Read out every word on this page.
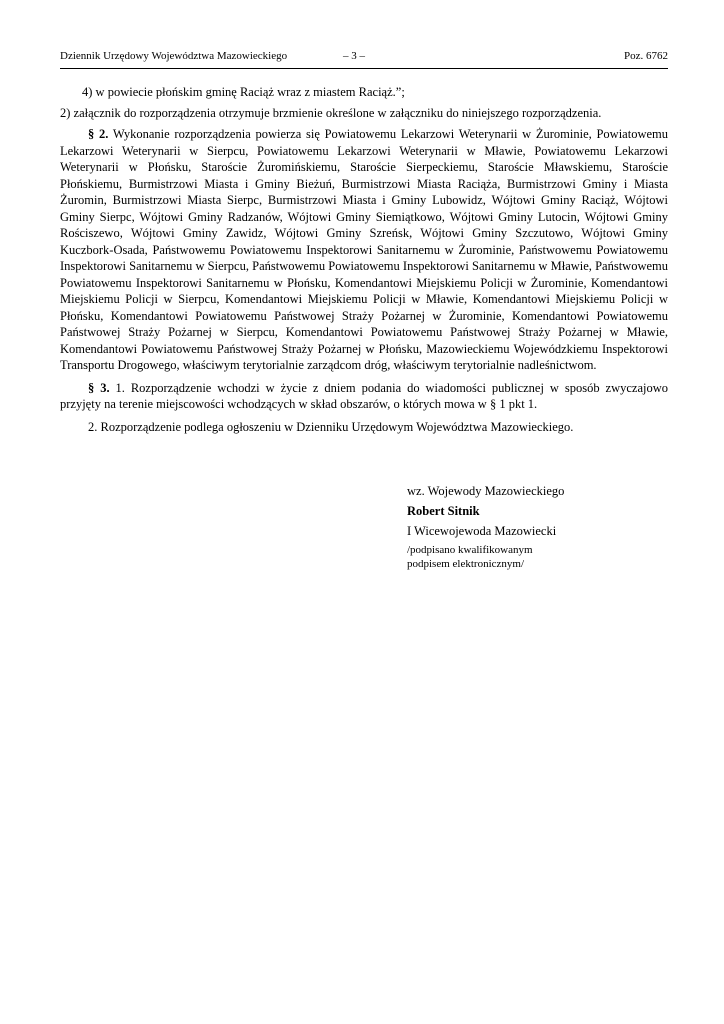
Dziennik Urzędowy Województwa Mazowieckiego	– 3 –	Poz. 6762
4) w powiecie płońskim gminę Raciąż wraz z miastem Raciąż.”;
2) załącznik do rozporządzenia otrzymuje brzmienie określone w załączniku do niniejszego rozporządzenia.

§ 2. Wykonanie rozporządzenia powierza się Powiatowemu Lekarzowi Weterynarii w Żurominie, Powiatowemu Lekarzowi Weterynarii w Sierpcu, Powiatowemu Lekarzowi Weterynarii w Mławie, Powiatowemu Lekarzowi Weterynarii w Płońsku, Staroście Żuromińskiemu, Staroście Sierpeckiemu, Staroście Mławskiemu, Staroście Płońskiemu, Burmistrzowi Miasta i Gminy Bieżuń, Burmistrzowi Miasta Raciąża, Burmistrzowi Gminy i Miasta Żuromin, Burmistrzowi Miasta Sierpc, Burmistrzowi Miasta i Gminy Lubowidz, Wójtowi Gminy Raciąż, Wójtowi Gminy Sierpc, Wójtowi Gminy Radzanów, Wójtowi Gminy Siemiątkowo, Wójtowi Gminy Lutocin, Wójtowi Gminy Rościszewo, Wójtowi Gminy Zawidz, Wójtowi Gminy Szreńsk, Wójtowi Gminy Szczutowo, Wójtowi Gminy Kuczbork-Osada, Państwowemu Powiatowemu Inspektorowi Sanitarnemu w Żurominie, Państwowemu Powiatowemu Inspektorowi Sanitarnemu w Sierpcu, Państwowemu Powiatowemu Inspektorowi Sanitarnemu w Mławie, Państwowemu Powiatowemu Inspektorowi Sanitarnemu w Płońsku, Komendantowi Miejskiemu Policji w Żurominie, Komendantowi Miejskiemu Policji w Sierpcu, Komendantowi Miejskiemu Policji w Mławie, Komendantowi Miejskiemu Policji w Płońsku, Komendantowi Powiatowemu Państwowej Straży Pożarnej w Żurominie, Komendantowi Powiatowemu Państwowej Straży Pożarnej w Sierpcu, Komendantowi Powiatowemu Państwowej Straży Pożarnej w Mławie, Komendantowi Powiatowemu Państwowej Straży Pożarnej w Płońsku, Mazowieckiemu Wojewódzkiemu Inspektorowi Transportu Drogowego, właściwym terytorialnie zarządcom dróg, właściwym terytorialnie nadleśnictwom.

§ 3. 1. Rozporządzenie wchodzi w życie z dniem podania do wiadomości publicznej w sposób zwyczajowo przyjęty na terenie miejscowości wchodzących w skład obszarów, o których mowa w § 1 pkt 1.

2. Rozporządzenie podlega ogłoszeniu w Dzienniku Urzędowym Województwa Mazowieckiego.

wz. Wojewody Mazowieckiego
Robert Sitnik
I Wicewojewoda Mazowiecki
/podpisano kwalifikowanym
podpisem elektronicznym/
